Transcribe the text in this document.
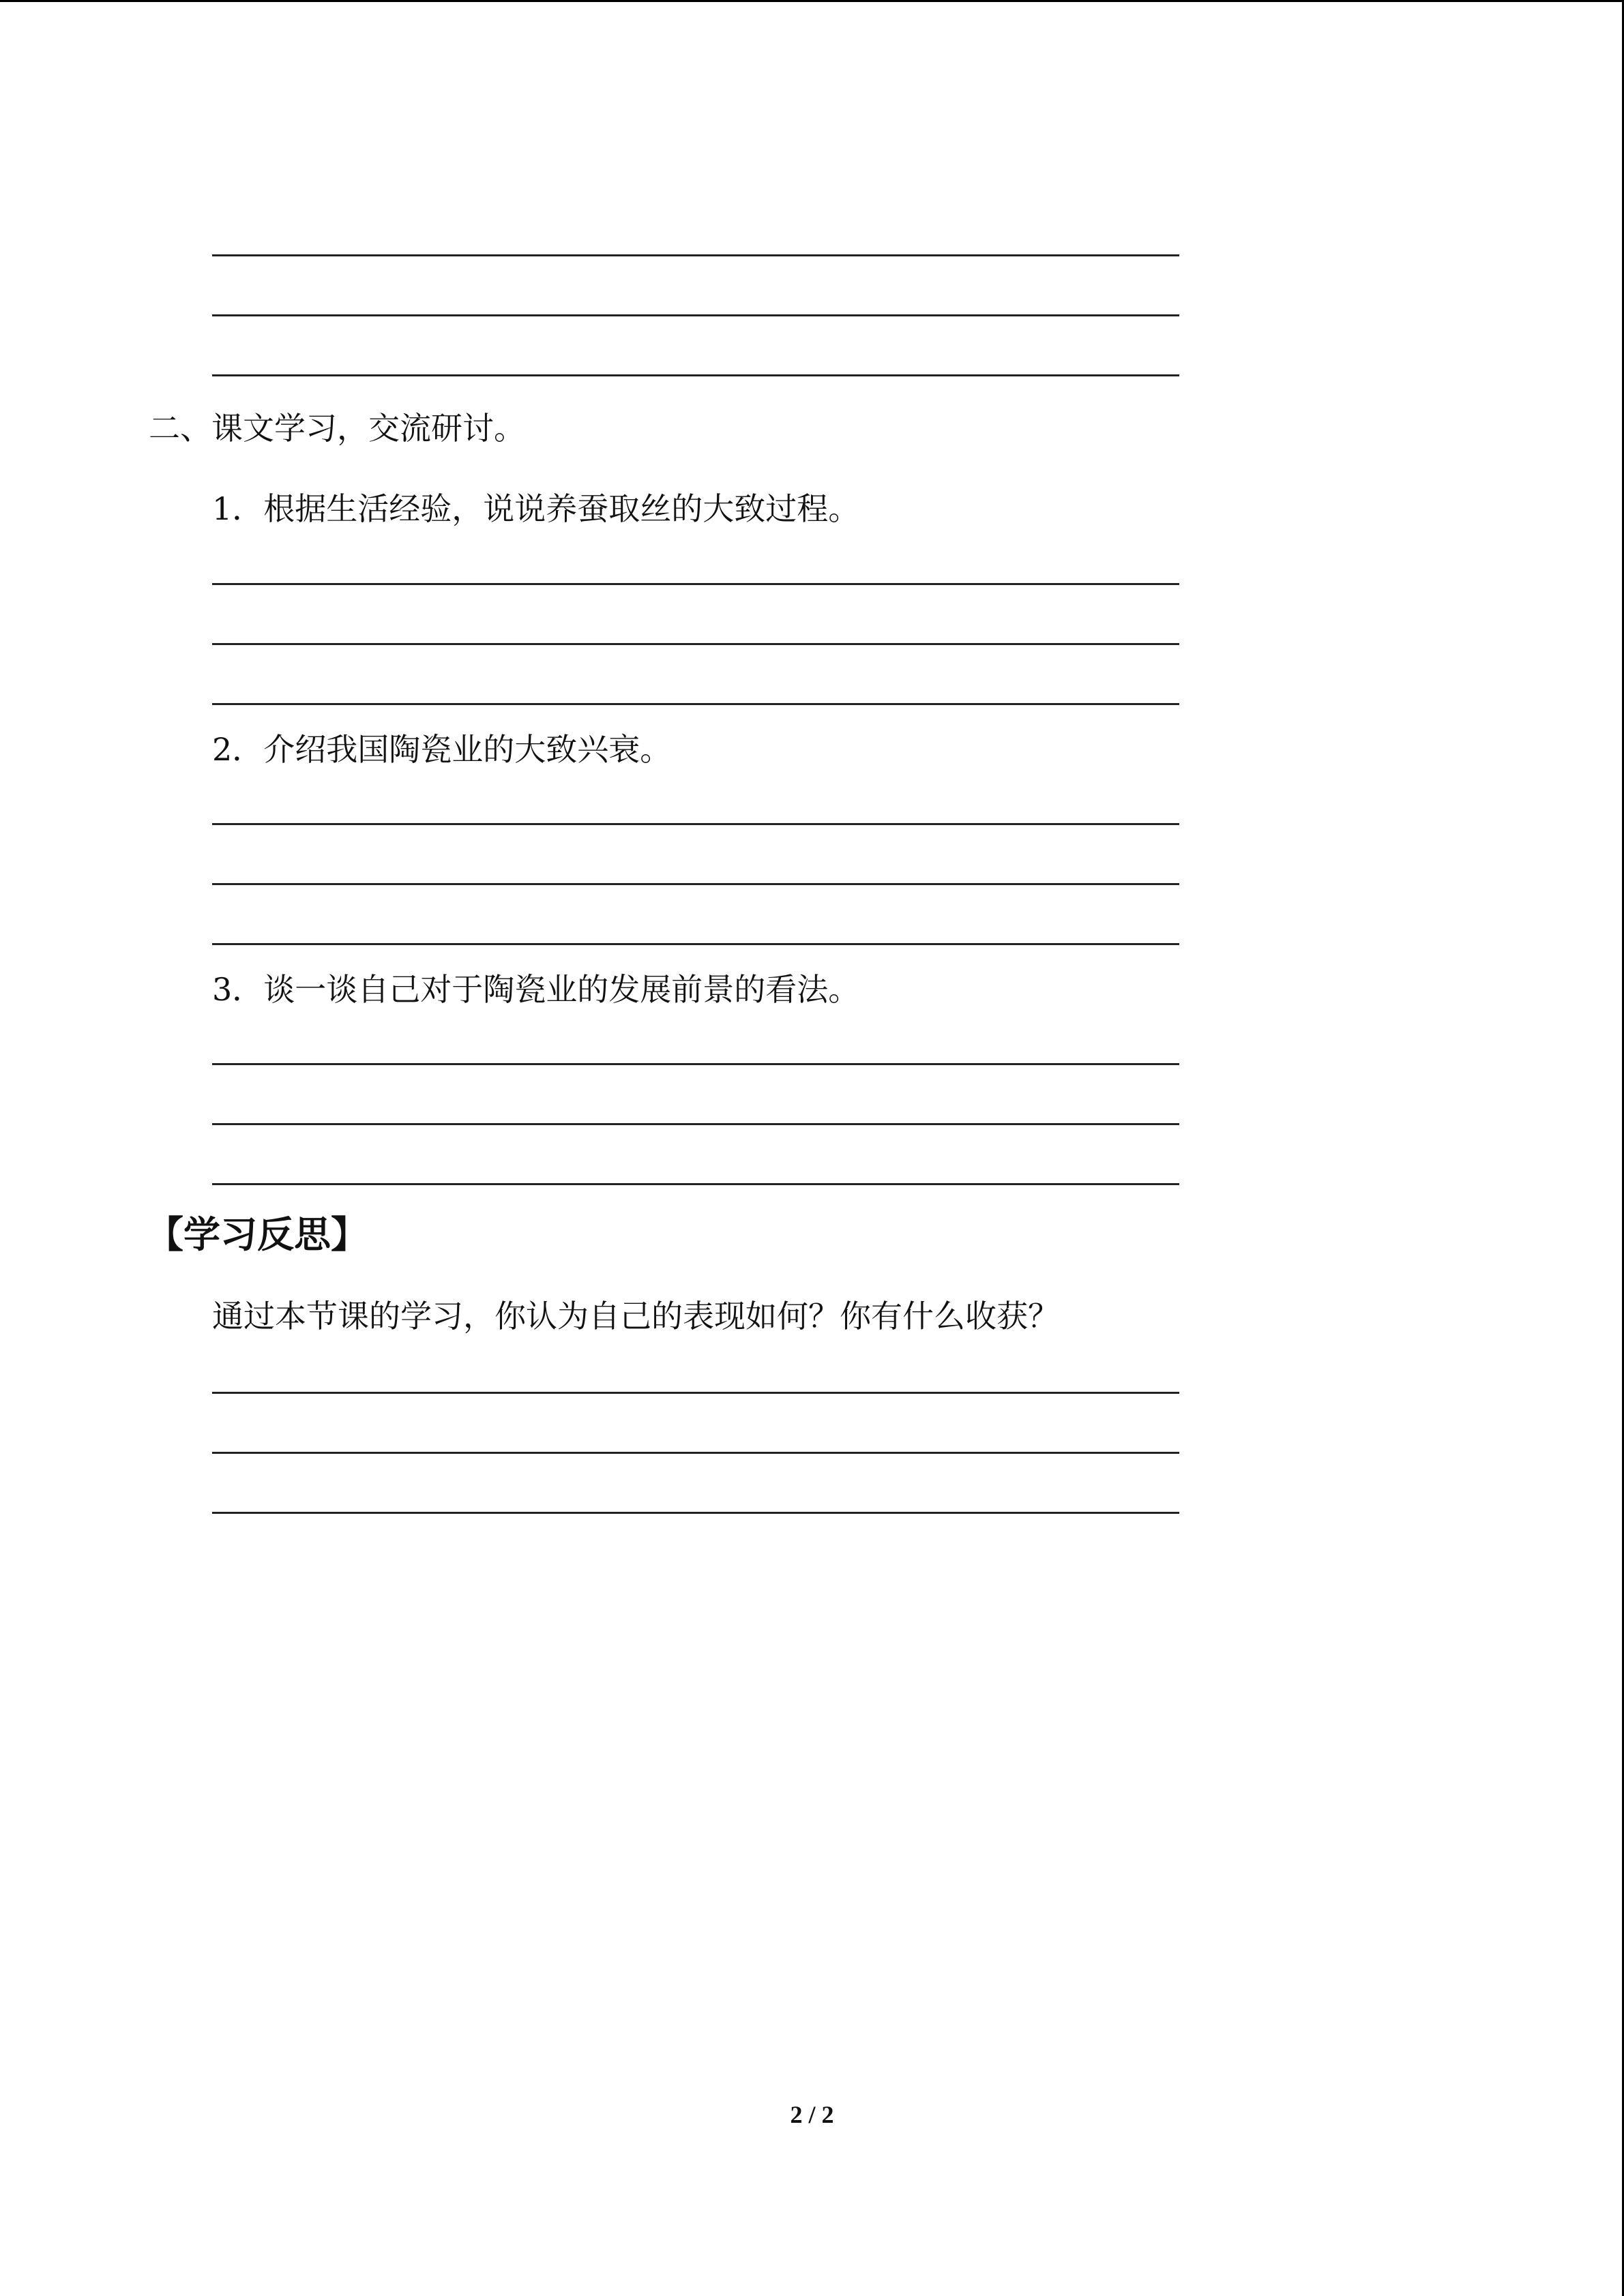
二、课文学习，交流研讨。
1．根据生活经验，说说养蚕取丝的大致过程。
2．介绍我国陶瓷业的大致兴衰。
3．谈一谈自己对于陶瓷业的发展前景的看法。
【学习反思】
通过本节课的学习，你认为自己的表现如何？你有什么收获？
2 / 2
